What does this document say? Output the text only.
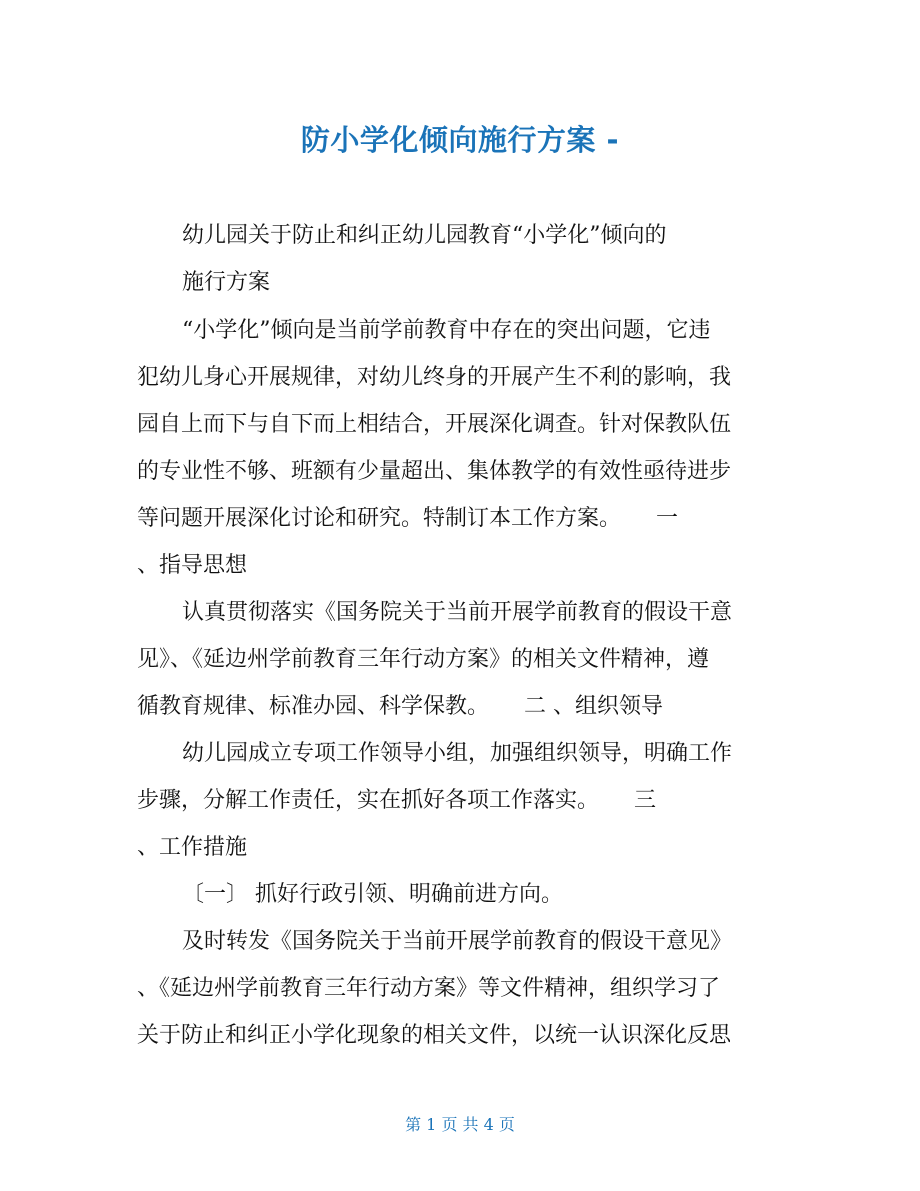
防小学化倾向施行方案 -
幼儿园关于防止和纠正幼儿园教育“小学化”倾向的
施行方案
“小学化”倾向是当前学前教育中存在的突出问题，它违
犯幼儿身心开展规律，对幼儿终身的开展产生不利的影响，我
园自上而下与自下而上相结合，开展深化调查。针对保教队伍
的专业性不够、班额有少量超出、集体教学的有效性亟待进步
等问题开展深化讨论和研究。特制订本工作方案。     一
、指导思想
认真贯彻落实《国务院关于当前开展学前教育的假设干意
见》、《延边州学前教育三年行动方案》的相关文件精神，遵
循教育规律、标准办园、科学保教。     二 、组织领导
幼儿园成立专项工作领导小组，加强组织领导，明确工作
步骤，分解工作责任，实在抓好各项工作落实。     三
、工作措施
〔一〕 抓好行政引领、明确前进方向。
及时转发《国务院关于当前开展学前教育的假设干意见》
、《延边州学前教育三年行动方案》等文件精神，组织学习了
关于防止和纠正小学化现象的相关文件，以统一认识深化反思
第 1 页 共 4 页
